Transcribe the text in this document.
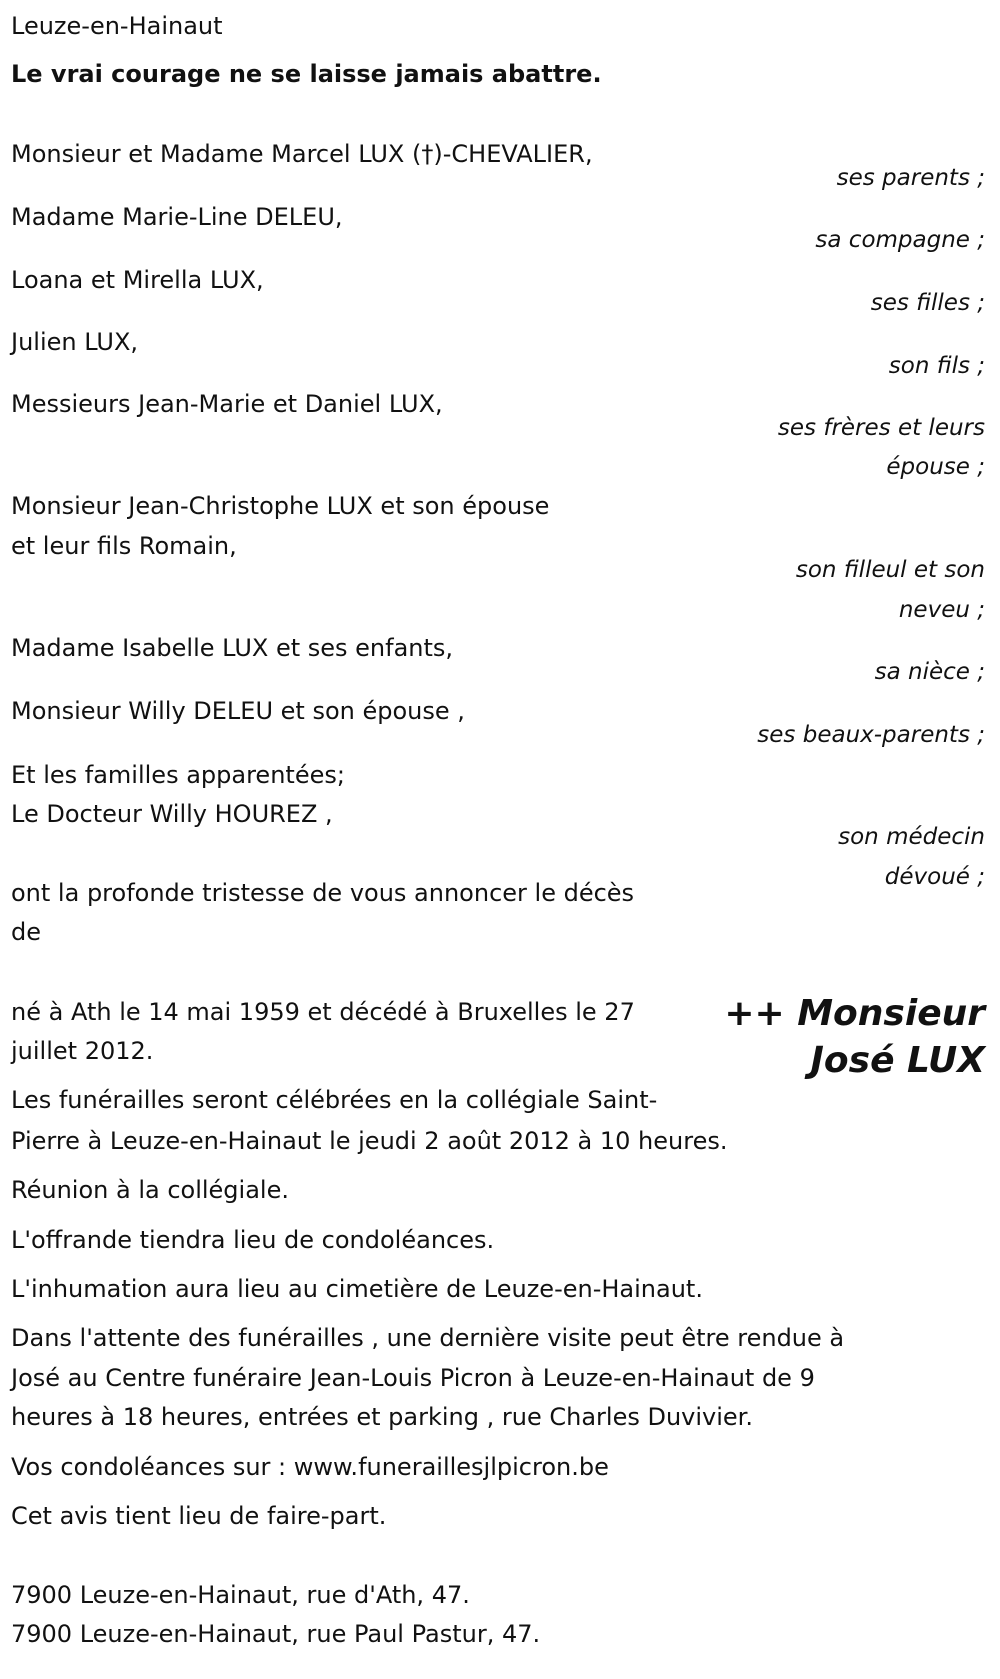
Leuze-en-Hainaut
Le vrai courage ne se laisse jamais abattre.
Monsieur et Madame Marcel LUX (†)-CHEVALIER,
ses parents ;
Madame Marie-Line DELEU,
sa compagne ;
Loana et Mirella LUX,
ses filles ;
Julien LUX,
son fils ;
Messieurs Jean-Marie et Daniel LUX,
ses frères et leurs
épouse ;
Monsieur Jean-Christophe LUX et son épouse
et leur fils Romain,
son filleul et son
neveu ;
Madame Isabelle LUX et ses enfants,
sa nièce ;
Monsieur Willy DELEU et son épouse ,
ses beaux-parents ;
Et les familles apparentées;
Le Docteur Willy HOUREZ ,
son médecin
dévoué ;
ont la profonde tristesse de vous annoncer le décès
de
++ Monsieur
José LUX
né à Ath le 14 mai 1959 et décédé à Bruxelles le 27
juillet 2012.
Les funérailles seront célébrées en la collégiale Saint-
Pierre à Leuze-en-Hainaut le jeudi 2 août 2012 à 10 heures.
Réunion à la collégiale.
L'offrande tiendra lieu de condoléances.
L'inhumation aura lieu au cimetière de Leuze-en-Hainaut.
Dans l'attente des funérailles , une dernière visite peut être rendue à
José au Centre funéraire Jean-Louis Picron à Leuze-en-Hainaut de 9
heures à 18 heures, entrées et parking , rue Charles Duvivier.
Vos condoléances sur : www.funeraillesjlpicron.be
Cet avis tient lieu de faire-part.
7900 Leuze-en-Hainaut, rue d'Ath, 47.
7900 Leuze-en-Hainaut, rue Paul Pastur, 47.
